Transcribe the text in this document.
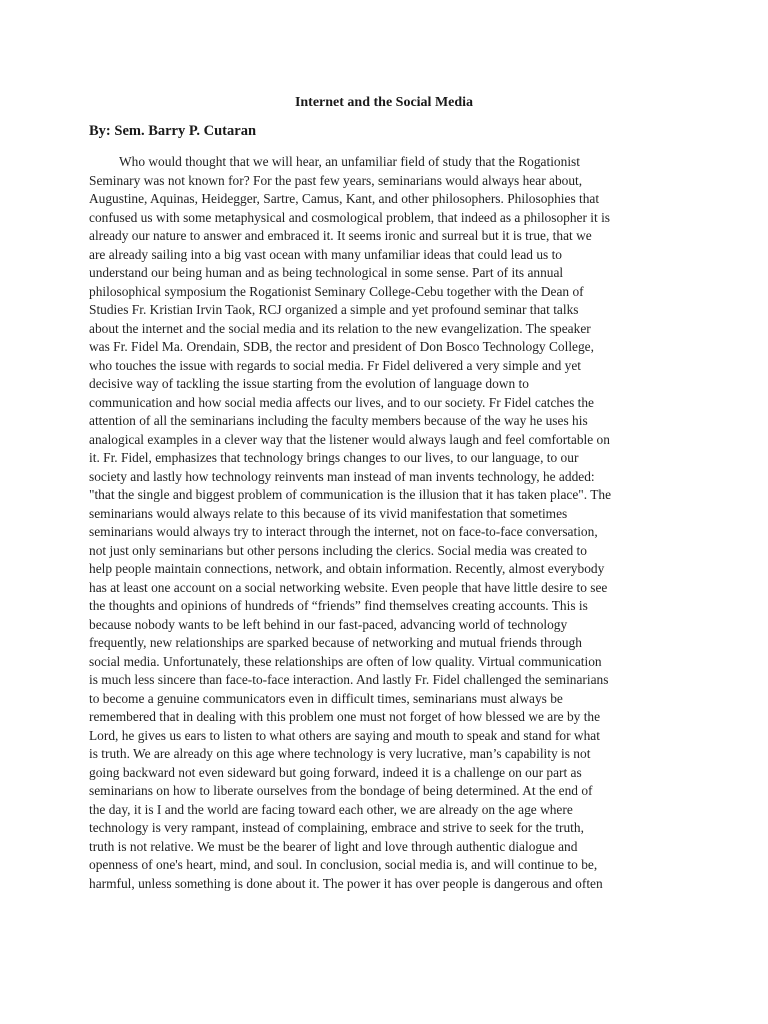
Internet and the Social Media

By: Sem. Barry P. Cutaran

Who would thought that we will hear, an unfamiliar field of study that the Rogationist
Seminary was not known for? For the past few years, seminarians would always hear about,
Augustine, Aquinas, Heidegger, Sartre, Camus, Kant, and other philosophers. Philosophies that
confused us with some metaphysical and cosmological problem, that indeed as a philosopher it is
already our nature to answer and embraced it. It seems ironic and surreal but it is true, that we
are already sailing into a big vast ocean with many unfamiliar ideas that could lead us to
understand our being human and as being technological in some sense. Part of its annual
philosophical symposium the Rogationist Seminary College-Cebu together with the Dean of
Studies Fr. Kristian Irvin Taok, RCJ organized a simple and yet profound seminar that talks
about the internet and the social media and its relation to the new evangelization. The speaker
was Fr. Fidel Ma. Orendain, SDB, the rector and president of Don Bosco Technology College,
who touches the issue with regards to social media. Fr Fidel delivered a very simple and yet
decisive way of tackling the issue starting from the evolution of language down to
communication and how social media affects our lives, and to our society. Fr Fidel catches the
attention of all the seminarians including the faculty members because of the way he uses his
analogical examples in a clever way that the listener would always laugh and feel comfortable on
it. Fr. Fidel, emphasizes that technology brings changes to our lives, to our language, to our
society and lastly how technology reinvents man instead of man invents technology, he added:
"that the single and biggest problem of communication is the illusion that it has taken place". The
seminarians would always relate to this because of its vivid manifestation that sometimes
seminarians would always try to interact through the internet, not on face-to-face conversation,
not just only seminarians but other persons including the clerics. Social media was created to
help people maintain connections, network, and obtain information. Recently, almost everybody
has at least one account on a social networking website. Even people that have little desire to see
the thoughts and opinions of hundreds of “friends” find themselves creating accounts. This is
because nobody wants to be left behind in our fast-paced, advancing world of technology
frequently, new relationships are sparked because of networking and mutual friends through
social media. Unfortunately, these relationships are often of low quality. Virtual communication
is much less sincere than face-to-face interaction. And lastly Fr. Fidel challenged the seminarians
to become a genuine communicators even in difficult times, seminarians must always be
remembered that in dealing with this problem one must not forget of how blessed we are by the
Lord, he gives us ears to listen to what others are saying and mouth to speak and stand for what
is truth. We are already on this age where technology is very lucrative, man’s capability is not
going backward not even sideward but going forward, indeed it is a challenge on our part as
seminarians on how to liberate ourselves from the bondage of being determined. At the end of
the day, it is I and the world are facing toward each other, we are already on the age where
technology is very rampant, instead of complaining, embrace and strive to seek for the truth,
truth is not relative. We must be the bearer of light and love through authentic dialogue and
openness of one's heart, mind, and soul. In conclusion, social media is, and will continue to be,
harmful, unless something is done about it. The power it has over people is dangerous and often
